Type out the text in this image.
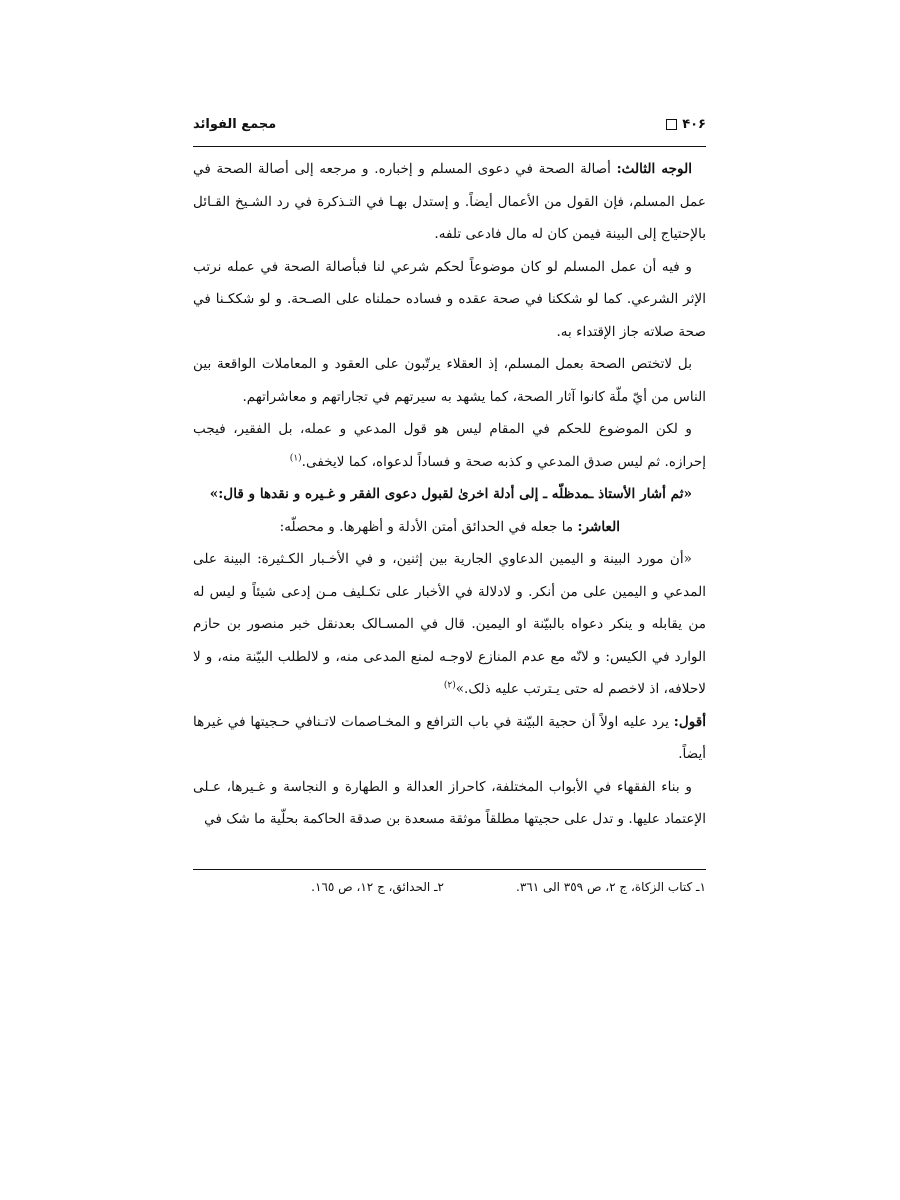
۴۰۶
مجمع الفوائد

الوجه الثالث: أصالة الصحة في دعوى المسلم و إخباره. و مرجعه إلى أصالة الصحة في عمل المسلم، فإن القول من الأعمال أيضاً. و إستدل بهـا في التـذكرة في رد الشـيخ القـائل بالإحتياج إلى البينة فيمن كان له مال فادعى تلفه.

و فيه أن عمل المسلم لو كان موضوعاً لحكم شرعي لنا فبأصالة الصحة في عمله نرتب الإثر الشرعي. كما لو شككنا في صحة عقده و فساده حملناه على الصـحة. و لو شككـنا في صحة صلاته جاز الإقتداء به.

بل لاتختص الصحة بعمل المسلم، إذ العقلاء يرتّبون على العقود و المعاملات الواقعة بين الناس من أيّ ملّة كانوا آثار الصحة، كما يشهد به سيرتهم في تجاراتهم و معاشراتهم.

و لكن الموضوع للحكم في المقام ليس هو قول المدعي و عمله، بل الفقير، فيجب إحرازه. ثم ليس صدق المدعي و كذبه صحة و فساداً لدعواه، كما لايخفى.$^{(١)}$

«ثم أشار الأستاذ ـمدظلّه ـ إلى أدلة اخرىٰ لقبول دعوى الفقر و غـيره و نقدها و قال:»

العاشر: ما جعله في الحدائق أمتن الأدلة و أظهرها. و محصلّه:

«أن مورد البينة و اليمين الدعاوي الجارية بين إثنين، و في الأخـبار الكـثيرة: البينة على المدعي و اليمين على من أنكر. و لادلالة في الأخبار على تكـليف مـن إدعى شيئاً و ليس له من يقابله و ينكر دعواه بالبيّنة او اليمين. قال في المسـالک بعدنقل خبر منصور بن حازم الوارد في الكيس: و لانّه مع عدم المنازع لاوجـه لمنع المدعى منه، و لالطلب البيّنة منه، و لا لاحلافه، اذ لاخصم له حتى يـترتب عليه ذلک.»$^{(٢)}$

أقول: يرد عليه اولاً أن حجية البيّنة في باب الترافع و المخـاصمات لاتـنافي حـجيتها في غيرها أيضاً.

و بناء الفقهاء في الأبواب المختلفة، كاحراز العدالة و الطهارة و النجاسة و غـيرها، عـلى الإعتماد عليها. و تدل على حجيتها مطلقاً موثقة مسعدة بن صدقة الحاكمة بحلّية ما شک في

١ـ كتاب الزكاة، ج ٢، ص ٣٥٩ الى ٣٦١.
٢ـ الحدائق، ج ١٢، ص ١٦٥.
